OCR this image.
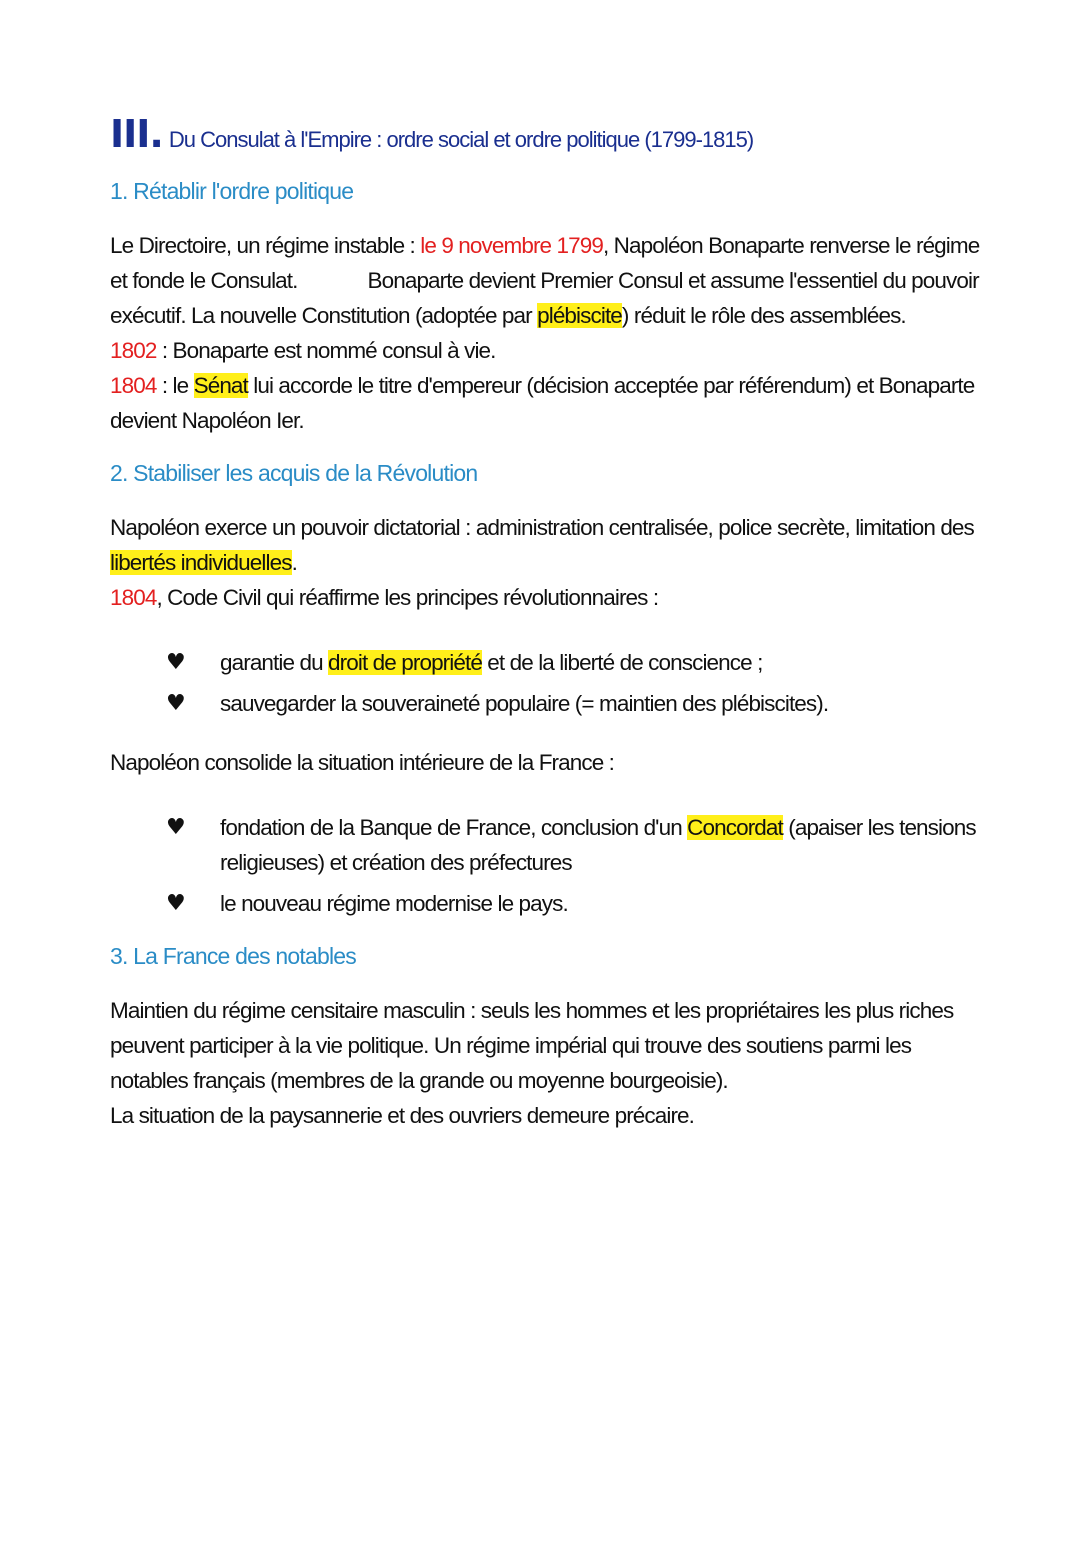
III. Du Consulat à l'Empire : ordre social et ordre politique (1799-1815)
1. Rétablir l'ordre politique

Le Directoire, un régime instable : le 9 novembre 1799, Napoléon Bonaparte renverse le régime et fonde le Consulat.	Bonaparte devient Premier Consul et assume l'essentiel du pouvoir exécutif. La nouvelle Constitution (adoptée par plébiscite) réduit le rôle des assemblées.

1802 : Bonaparte est nommé consul à vie.

1804 : le Sénat lui accorde le titre d'empereur (décision acceptée par référendum) et Bonaparte devient Napoléon Ier.

2. Stabiliser les acquis de la Révolution

Napoléon exerce un pouvoir dictatorial : administration centralisée, police secrète, limitation des libertés individuelles.

1804, Code Civil qui réaffirme les principes révolutionnaires :

♥ garantie du droit de propriété et de la liberté de conscience ;
♥ sauvegarder la souveraineté populaire (= maintien des plébiscites).

Napoléon consolide la situation intérieure de la France :

♥ fondation de la Banque de France, conclusion d'un Concordat (apaiser les tensions religieuses) et création des préfectures
♥ le nouveau régime modernise le pays.
3. La France des notables

Maintien du régime censitaire masculin : seuls les hommes et les propriétaires les plus riches peuvent participer à la vie politique. Un régime impérial qui trouve des soutiens parmi les notables français (membres de la grande ou moyenne bourgeoisie).

La situation de la paysannerie et des ouvriers demeure précaire.
